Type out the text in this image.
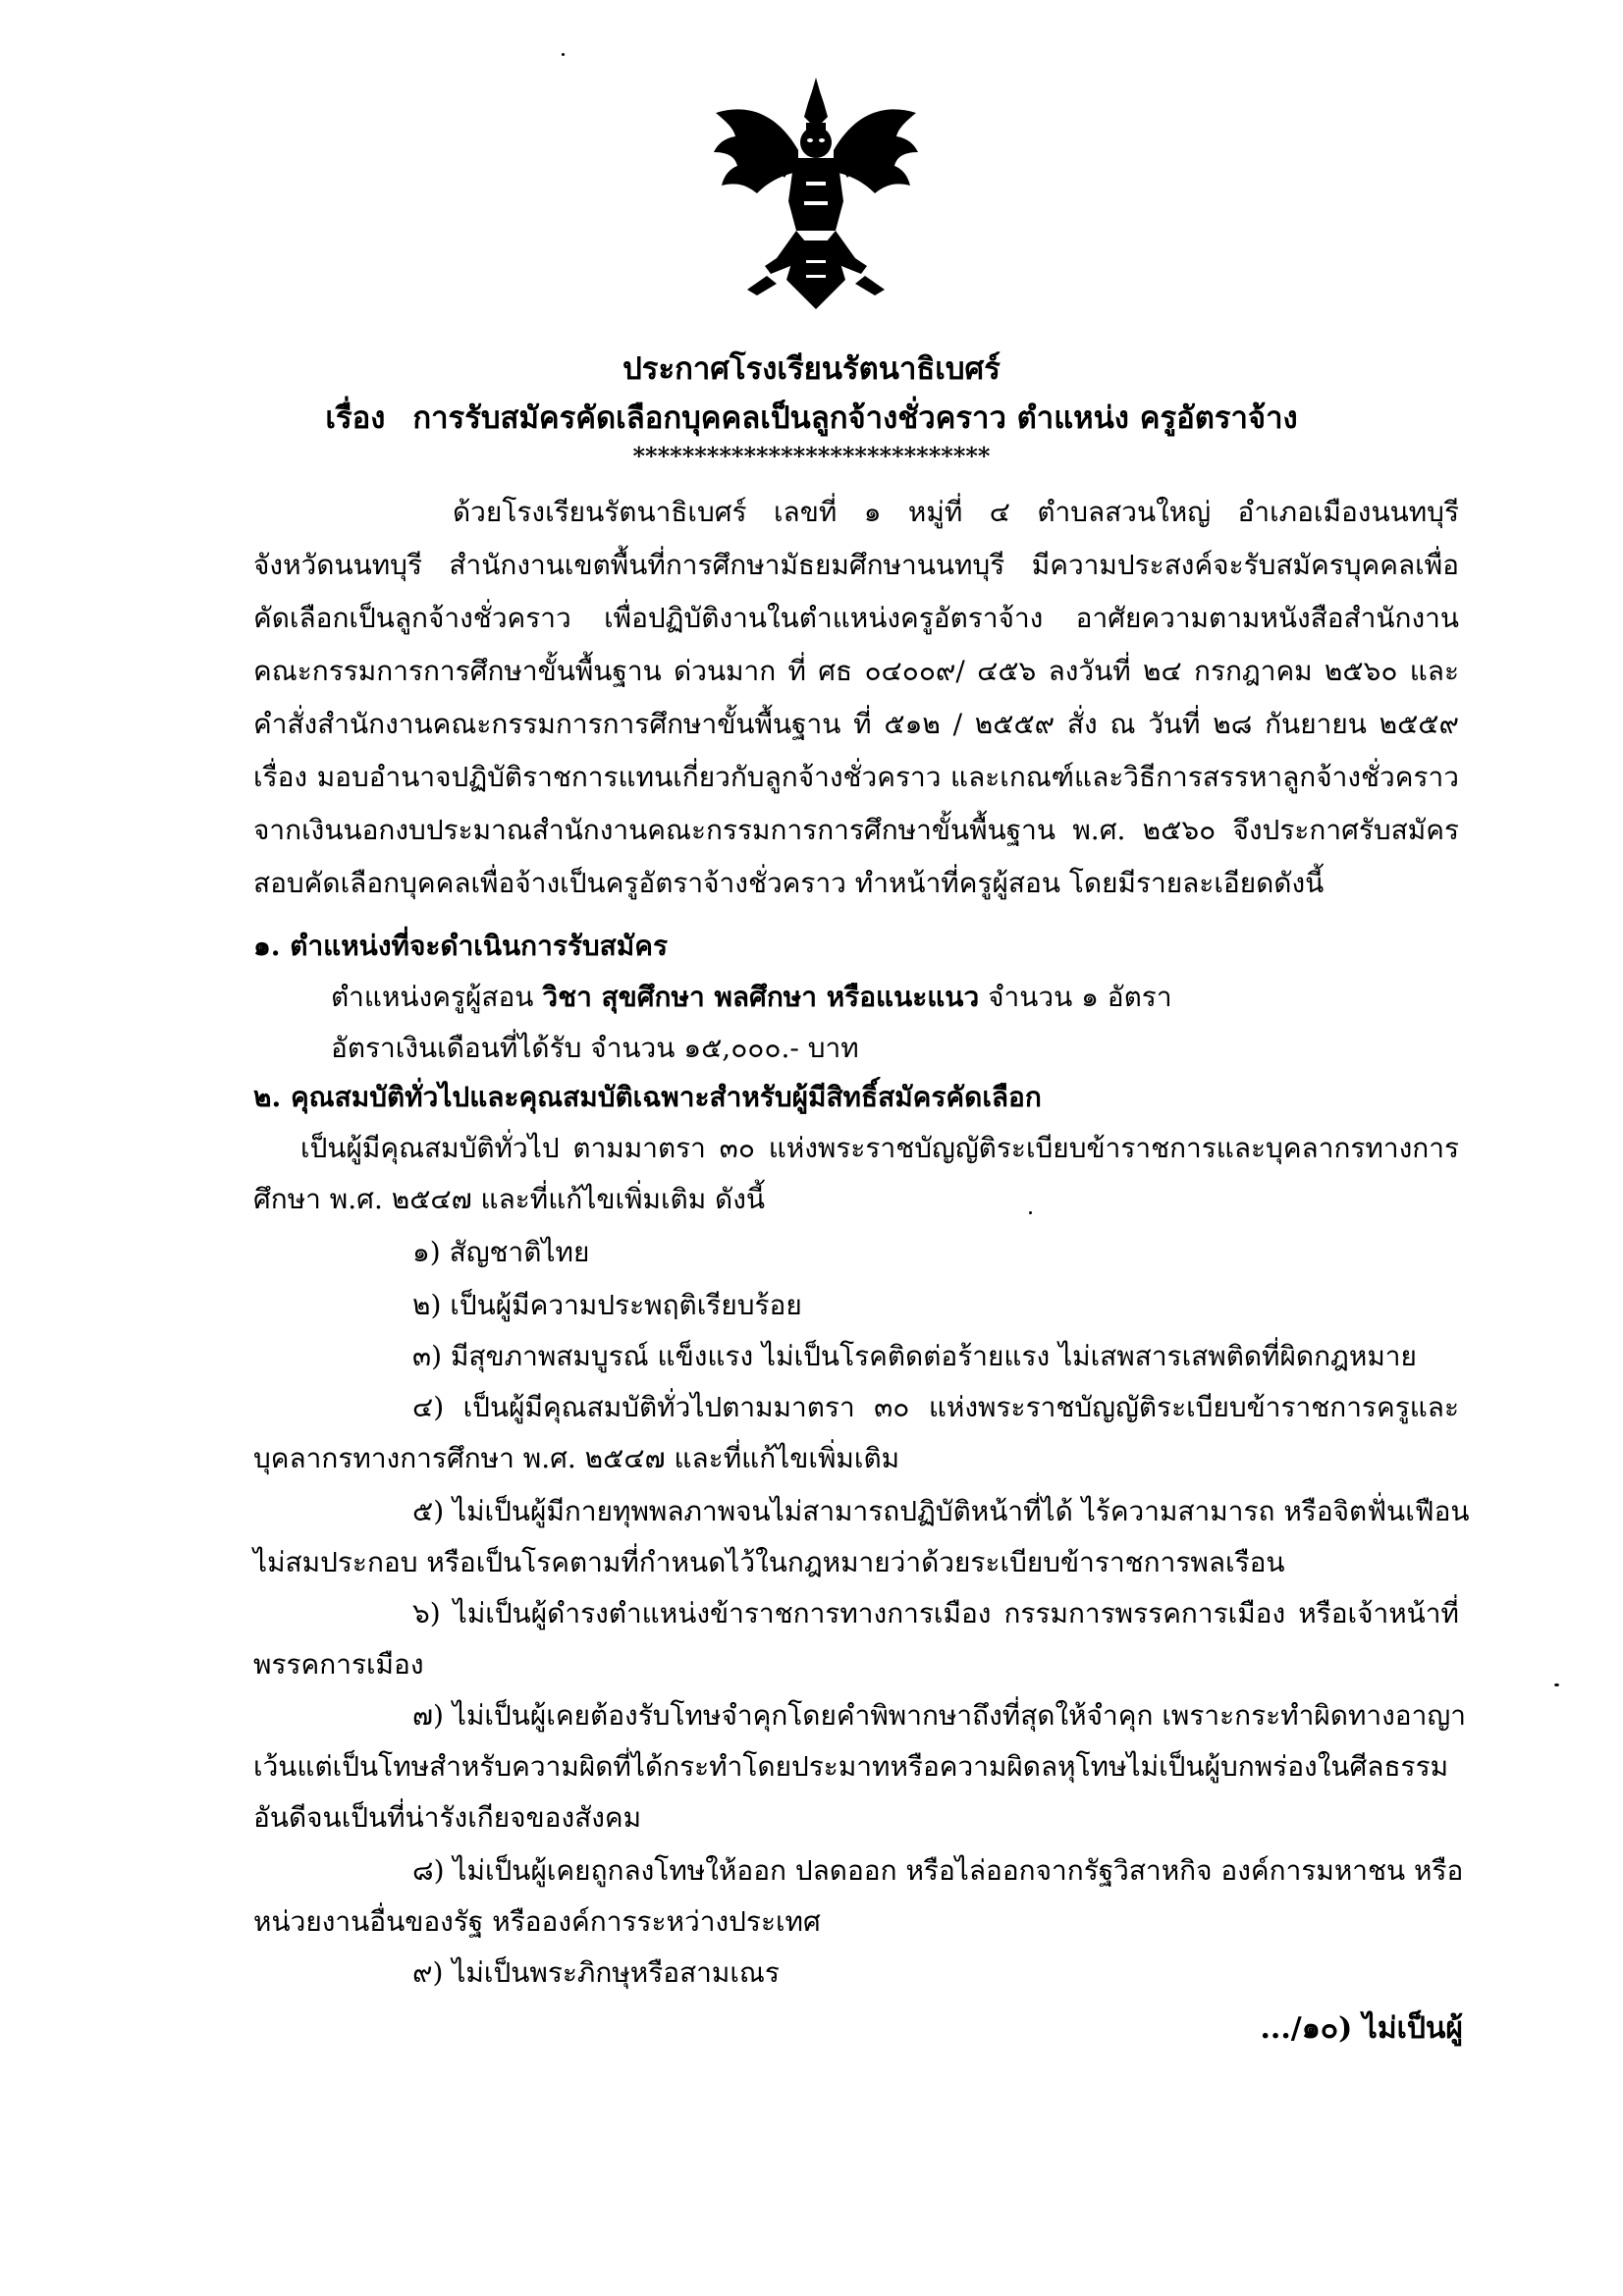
ประกาศโรงเรียนรัตนาธิเบศร์
เรื่อง การรับสมัครคัดเลือกบุคคลเป็นลูกจ้างชั่วคราว ตำแหน่ง ครูอัตราจ้าง
*****************************
ด้วยโรงเรียนรัตนาธิเบศร์ เลขที่ ๑ หมู่ที่ ๔ ตำบลสวนใหญ่ อำเภอเมืองนนทบุรี
จังหวัดนนทบุรี สำนักงานเขตพื้นที่การศึกษามัธยมศึกษานนทบุรี มีความประสงค์จะรับสมัครบุคคลเพื่อ
คัดเลือกเป็นลูกจ้างชั่วคราว เพื่อปฏิบัติงานในตำแหน่งครูอัตราจ้าง อาศัยความตามหนังสือสำนักงาน
คณะกรรมการการศึกษาขั้นพื้นฐาน ด่วนมาก ที่ ศธ ๐๔๐๐๙/ ๔๕๖ ลงวันที่ ๒๔ กรกฎาคม ๒๕๖๐ และ
คำสั่งสำนักงานคณะกรรมการการศึกษาขั้นพื้นฐาน ที่ ๕๑๒ / ๒๕๕๙ สั่ง ณ วันที่ ๒๘ กันยายน ๒๕๕๙
เรื่อง มอบอำนาจปฏิบัติราชการแทนเกี่ยวกับลูกจ้างชั่วคราว และเกณฑ์และวิธีการสรรหาลูกจ้างชั่วคราว
จากเงินนอกงบประมาณสำนักงานคณะกรรมการการศึกษาขั้นพื้นฐาน พ.ศ. ๒๕๖๐ จึงประกาศรับสมัคร
สอบคัดเลือกบุคคลเพื่อจ้างเป็นครูอัตราจ้างชั่วคราว ทำหน้าที่ครูผู้สอน โดยมีรายละเอียดดังนี้
๑. ตำแหน่งที่จะดำเนินการรับสมัคร
ตำแหน่งครูผู้สอน วิชา สุขศึกษา พลศึกษา หรือแนะแนว จำนวน ๑ อัตรา
อัตราเงินเดือนที่ได้รับ จำนวน ๑๕,๐๐๐.- บาท
๒. คุณสมบัติทั่วไปและคุณสมบัติเฉพาะสำหรับผู้มีสิทธิ์สมัครคัดเลือก
เป็นผู้มีคุณสมบัติทั่วไป ตามมาตรา ๓๐ แห่งพระราชบัญญัติระเบียบข้าราชการและบุคลากรทางการ
ศึกษา พ.ศ. ๒๕๔๗ และที่แก้ไขเพิ่มเติม ดังนี้
๑) สัญชาติไทย
๒) เป็นผู้มีความประพฤติเรียบร้อย
๓) มีสุขภาพสมบูรณ์ แข็งแรง ไม่เป็นโรคติดต่อร้ายแรง ไม่เสพสารเสพติดที่ผิดกฎหมาย
๔) เป็นผู้มีคุณสมบัติทั่วไปตามมาตรา ๓๐ แห่งพระราชบัญญัติระเบียบข้าราชการครูและ
บุคลากรทางการศึกษา พ.ศ. ๒๕๔๗ และที่แก้ไขเพิ่มเติม
๕) ไม่เป็นผู้มีกายทุพพลภาพจนไม่สามารถปฏิบัติหน้าที่ได้ ไร้ความสามารถ หรือจิตฟั่นเฟือน
ไม่สมประกอบ หรือเป็นโรคตามที่กำหนดไว้ในกฎหมายว่าด้วยระเบียบข้าราชการพลเรือน
๖) ไม่เป็นผู้ดำรงตำแหน่งข้าราชการทางการเมือง กรรมการพรรคการเมือง หรือเจ้าหน้าที่
พรรคการเมือง
๗) ไม่เป็นผู้เคยต้องรับโทษจำคุกโดยคำพิพากษาถึงที่สุดให้จำคุก เพราะกระทำผิดทางอาญา
เว้นแต่เป็นโทษสำหรับความผิดที่ได้กระทำโดยประมาทหรือความผิดลหุโทษไม่เป็นผู้บกพร่องในศีลธรรม
อันดีจนเป็นที่น่ารังเกียจของสังคม
๘) ไม่เป็นผู้เคยถูกลงโทษให้ออก ปลดออก หรือไล่ออกจากรัฐวิสาหกิจ องค์การมหาชน หรือ
หน่วยงานอื่นของรัฐ หรือองค์การระหว่างประเทศ
๙) ไม่เป็นพระภิกษุหรือสามเณร
.../๑๐) ไม่เป็นผู้
